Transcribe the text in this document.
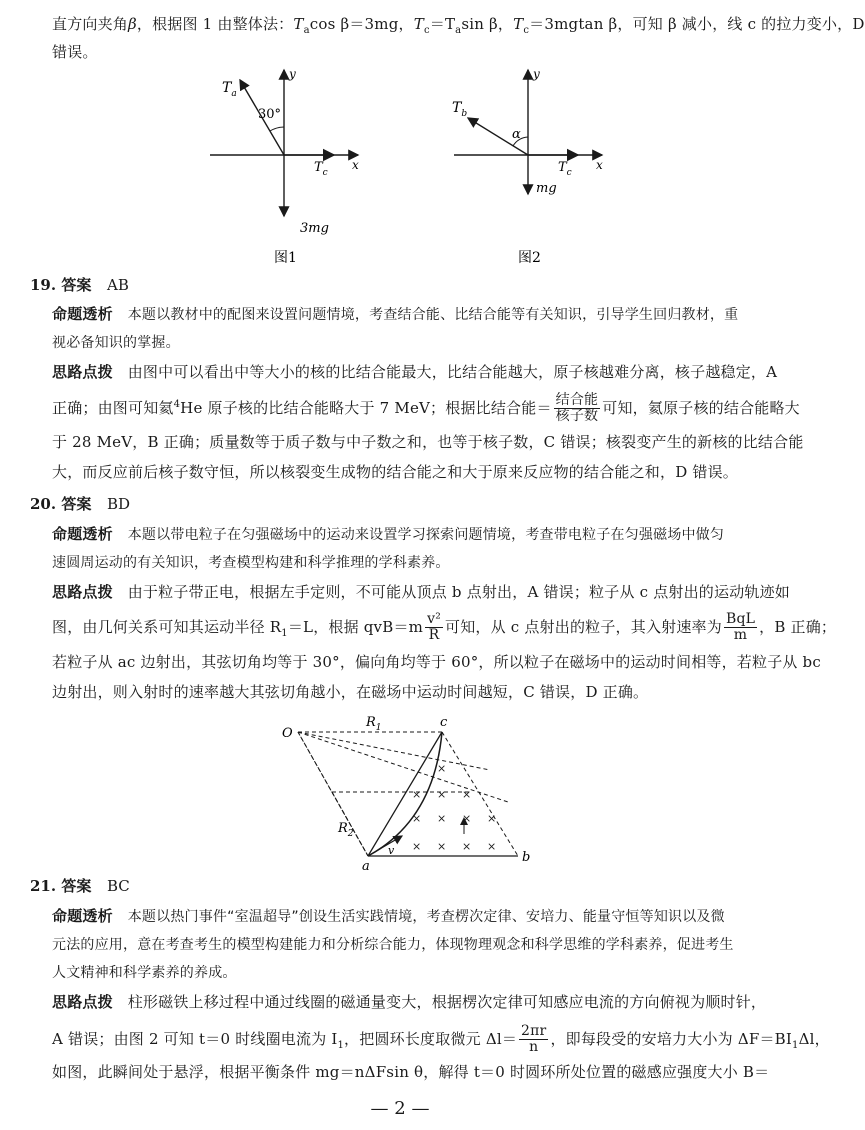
直方向夹角β，根据图 1 由整体法：$T_a\cos$ β＝3mg，$T_c=T_a\sin$ β，$T_c=3mgtan$ β，可知 β 减小，线 c 的拉力变小，D
错误。
$T_a$
30°
y
x
$T_c$
3mg
图1
$T_b$
α
y
x
$T_c$
mg
图2
19. 答案 AB
命题透析 本题以教材中的配图来设置问题情境，考查结合能、比结合能等有关知识，引导学生回归教材，重
视必备知识的掌握。
思路点拨 由图中可以看出中等大小的核的比结合能最大，比结合能越大，原子核越难分离，核子越稳定，A
正确；由图可知氦$^4$He 原子核的比结合能略大于 7 MeV；根据比结合能＝ $\frac{\text{结合能}}{\text{核子数}}$ 可知，氦原子核的结合能略大
于 28 MeV，B 正确；质量数等于质子数与中子数之和，也等于核子数，C 错误；核裂变产生的新核的比结合能
大，而反应前后核子数守恒，所以核裂变生成物的结合能之和大于原来反应物的结合能之和，D 错误。
20. 答案 BD
命题透析 本题以带电粒子在匀强磁场中的运动来设置学习探索问题情境，考查带电粒子在匀强磁场中做匀
速圆周运动的有关知识，考查模型构建和科学推理的学科素养。
思路点拨 由于粒子带正电，根据左手定则，不可能从顶点 b 点射出，A 错误；粒子从 c 点射出的运动轨迹如
图，由几何关系可知其运动半径 $R_1=L$，根据 $qvB=m \frac{\text{v²}}{R}$ 可知，从 c 点射出的粒子，其入射速率为 $\frac{\text{BqL}}{m}$ ，B 正确；
若粒子从 ac 边射出，其弦切角均等于 30°，偏向角均等于 60°，所以粒子在磁场中的运动时间相等，若粒子从 bc
边射出，则入射时的速率越大其弦切角越小，在磁场中运动时间越短，C 错误，D 正确。
×
× × ×
× × × ×
× × ×
×
O
$R_1$
$R_2$
c
a
b
v
21. 答案 BC
命题透析 本题以热门事件“室温超导”创设生活实践情境，考查楞次定律、安培力、能量守恒等知识以及微
元法的应用，意在考查考生的模型构建能力和分析综合能力，体现物理观念和科学思维的学科素养，促进考生
人文精神和科学素养的养成。
思路点拨 柱形磁铁上移过程中通过线圈的磁通量变大，根据楞次定律可知感应电流的方向俯视为顺时针，
A 错误；由图 2 可知 t＝0 时线圈电流为 $I_1$，把圆环长度取微元 $\Delta l= \frac{2\pi r}{n}$ ，即每段受的安培力大小为 $\Delta F=BI_1\Delta l$，
如图，此瞬间处于悬浮，根据平衡条件 mg＝nΔFsin θ，解得 t＝0 时圆环所处位置的磁感应强度大小 B＝
— 2 —
